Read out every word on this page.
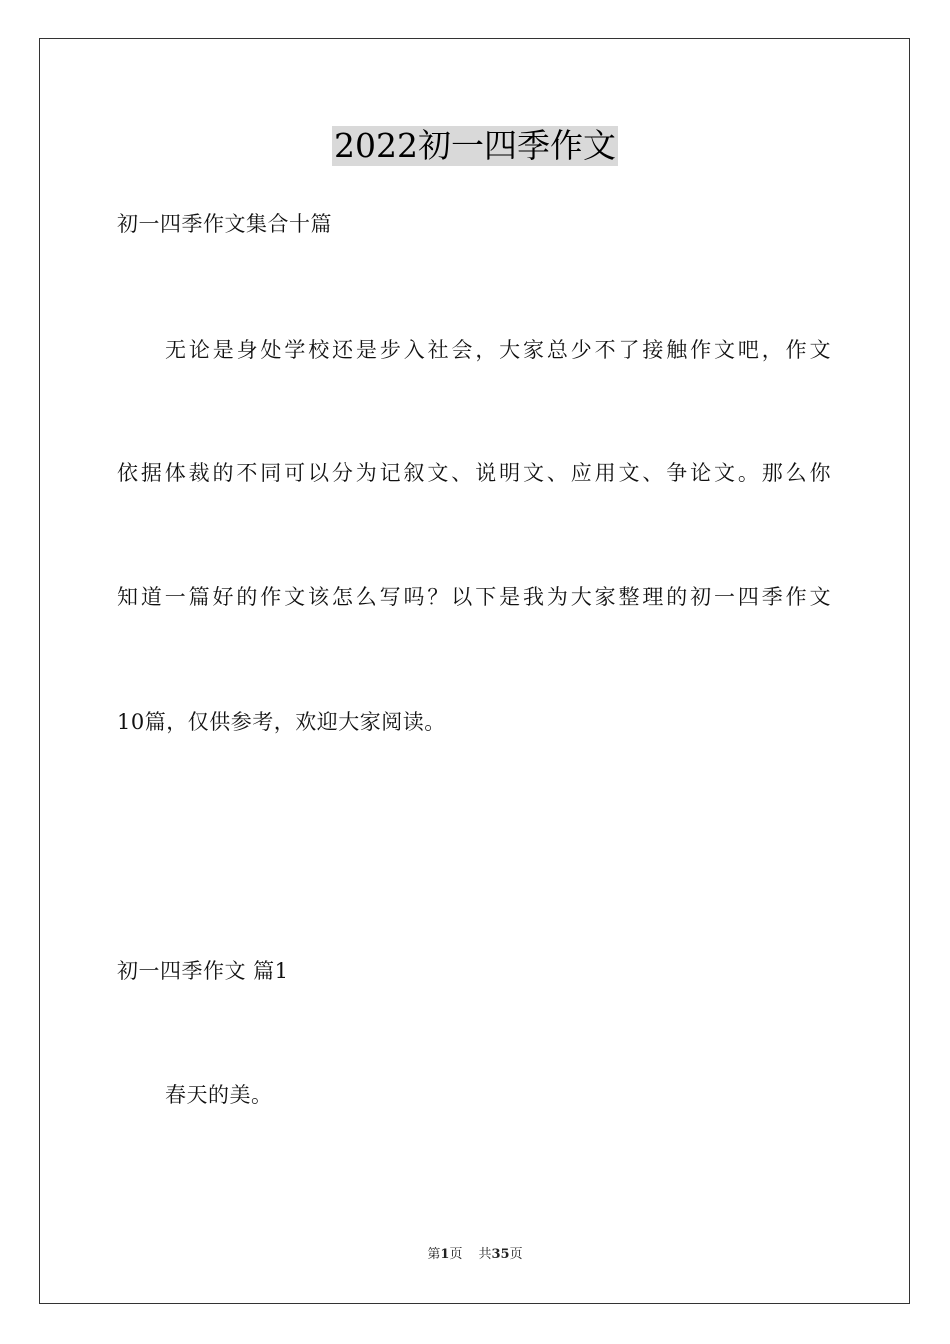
2022初一四季作文
初一四季作文集合十篇
无论是身处学校还是步入社会，大家总少不了接触作文吧，作文
依据体裁的不同可以分为记叙文、说明文、应用文、争论文。那么你
知道一篇好的作文该怎么写吗？以下是我为大家整理的初一四季作文
10篇，仅供参考，欢迎大家阅读。
初一四季作文 篇1
春天的美。
第1页 共35页
